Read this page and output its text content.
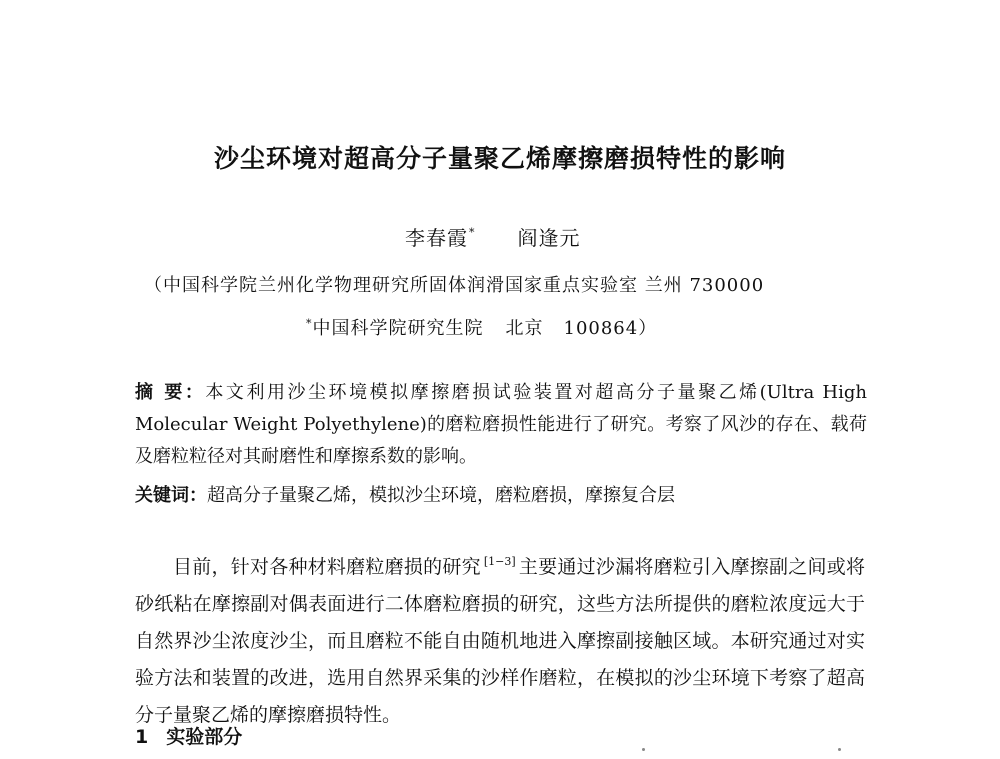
沙尘环境对超高分子量聚乙烯摩擦磨损特性的影响
李春霞* 阎逢元
（中国科学院兰州化学物理研究所固体润滑国家重点实验室 兰州 730000
*中国科学院研究生院 北京 100864）

摘 要：本文利用沙尘环境模拟摩擦磨损试验装置对超高分子量聚乙烯(Ultra High Molecular Weight Polyethylene)的磨粒磨损性能进行了研究。考察了风沙的存在、载荷及磨粒粒径对其耐磨性和摩擦系数的影响。

关键词：超高分子量聚乙烯，模拟沙尘环境，磨粒磨损，摩擦复合层

目前，针对各种材料磨粒磨损的研究 [1−3] 主要通过沙漏将磨粒引入摩擦副之间或将砂纸粘在摩擦副对偶表面进行二体磨粒磨损的研究，这些方法所提供的磨粒浓度远大于自然界沙尘浓度沙尘，而且磨粒不能自由随机地进入摩擦副接触区域。本研究通过对实验方法和装置的改进，选用自然界采集的沙样作磨粒，在模拟的沙尘环境下考察了超高分子量聚乙烯的摩擦磨损特性。

1 实验部分
